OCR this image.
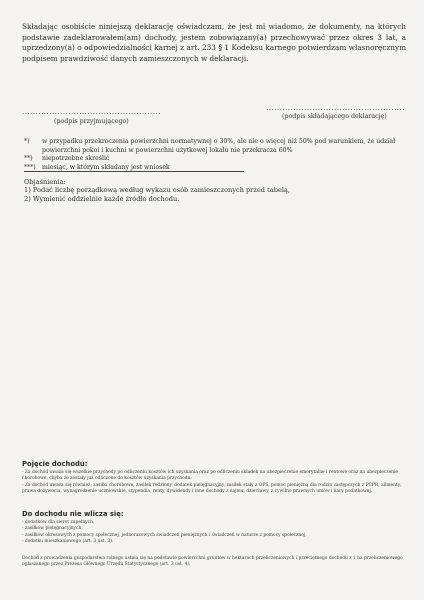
Składając osobiście niniejszą deklarację oświadczam, że jest mi wiadomo, że dokumenty, na których podstawie zadeklarowałem(am) dochody, jestem zobowiązany(a) przechowywać przez okres 3 lat, a uprzedzony(a) o odpowiedzialności karnej z art. 233 § 1 Kodeksu karnego potwierdzam własnoręcznym podpisem prawdziwość danych zamieszczonych w deklaracji.

...................................................
(podpis przyjmującego)
...................................................
(podpis składającego deklarację)
*) w przypadku przekroczenia powierzchni normatywnej o 30%, ale nie o więcej niż 50% pod warunkiem, że udział powierzchni pokoi i kuchni w powierzchni użytkowej lokalu nie przekracza 60%
**) niepotrzebne skreślić
***) miesiąc, w którym składany jest wniosek
Objaśnienia:
1) Podać liczbę porządkową według wykazu osób zamieszczonych przed tabelą,
2) Wymienić oddzielnie każde źródło dochodu.
Pojęcie dochodu:
- Za dochód uważa się wszelkie przychody po odliczeniu kosztów ich uzyskania oraz po odliczeniu składek na ubezpieczenie emerytalne i rentowe oraz na ubezpieczenie chorobowe, chyba że zostały już odliczone do kosztów uzyskania przychodu.
- Za dochód uważa się również: zasiłki chorobowe, zasiłek rodzinny, dodatek pielęgnacyjny, zasiłek stały z OPS, pomoc pieniężną dla rodzin zastępczych z PCPR, alimenty, prawa dożywocia, wynagrodzenie uczniowskie, stypendia, renty, dywidendy i inne dochody z najmu, dzierżawy, z cywilno prawnych umów i kary podatkowej.
Do dochodu nie wlicza się:
- dodatków dla sierot zupełnych,
- zasiłków pielęgnacyjnych,
- zasiłków okresowych z pomocy społecznej, jednorazowych świadczeń pieniężnych i świadczeń w naturze z pomocy społecznej,
- dodatku mieszkaniowego (art. 3 ust. 3).
Dochód z prowadzenia gospodarstwa rolnego ustala się na podstawie powierzchni gruntów w hektarach przeliczeniowych i przeciętnego dochodu z 1 ha przeliczeniowego ogłaszanego przez Prezesa Głównego Urzędu Statystycznego (art. 3 ust. 4).
